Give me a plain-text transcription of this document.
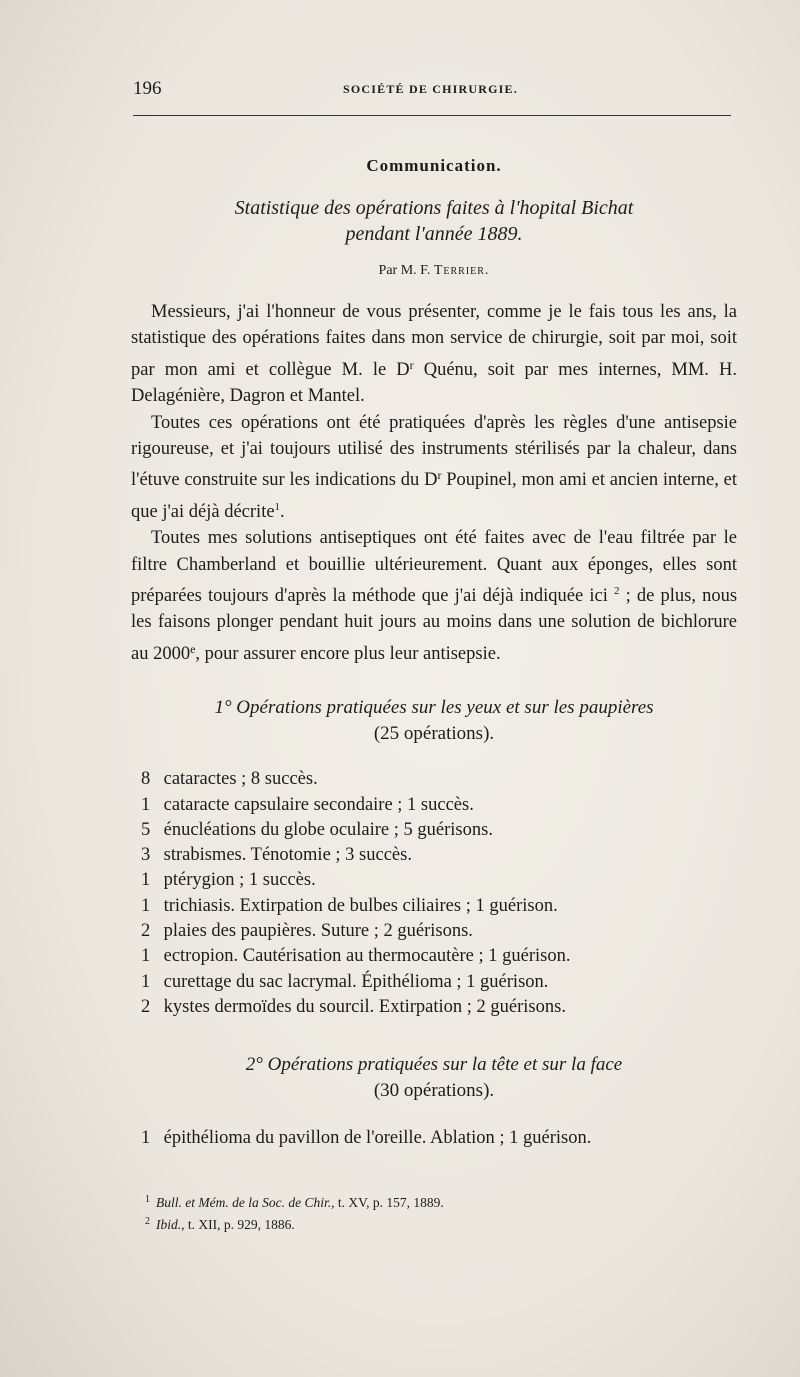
196	SOCIÉTÉ DE CHIRURGIE.
Communication.
Statistique des opérations faites à l'hopital Bichat
pendant l'année 1889.
Par M. F. Terrier.

Messieurs, j'ai l'honneur de vous présenter, comme je le fais tous les ans, la statistique des opérations faites dans mon service de chirurgie, soit par moi, soit par mon ami et collègue M. le $D^r$ Quénu, soit par mes internes, MM. H. Delagénière, Dagron et Mantel.

Toutes ces opérations ont été pratiquées d'après les règles d'une antisepsie rigoureuse, et j'ai toujours utilisé des instruments stérilisés par la chaleur, dans l'étuve construite sur les indications du $D^r$ Poupinel, mon ami et ancien interne, et que j'ai déjà décrite$^1$.

Toutes mes solutions antiseptiques ont été faites avec de l'eau filtrée par le filtre Chamberland et bouillie ultérieurement. Quant aux éponges, elles sont préparées toujours d'après la méthode que j'ai déjà indiquée ici $^2$ ; de plus, nous les faisons plonger pendant huit jours au moins dans une solution de bichlorure au 2000e, pour assurer encore plus leur antisepsie.

1° Opérations pratiquées sur les yeux et sur les paupières
(25 opérations).
8 cataractes ; 8 succès.
1 cataracte capsulaire secondaire ; 1 succès.
5 énucléations du globe oculaire ; 5 guérisons.
3 strabismes. Ténotomie ; 3 succès.
1 ptérygion ; 1 succès.
1 trichiasis. Extirpation de bulbes ciliaires ; 1 guérison.
2 plaies des paupières. Suture ; 2 guérisons.
1 ectropion. Cautérisation au thermocautère ; 1 guérison.
1 curettage du sac lacrymal. Épithélioma ; 1 guérison.
2 kystes dermoïdes du sourcil. Extirpation ; 2 guérisons.
2° Opérations pratiquées sur la tête et sur la face
(30 opérations).
1 épithélioma du pavillon de l'oreille. Ablation ; 1 guérison.
$^1$ Bull. et Mém. de la Soc. de Chir., t. XV, p. 157, 1889.
$^2$ Ibid., t. XII, p. 929, 1886.
